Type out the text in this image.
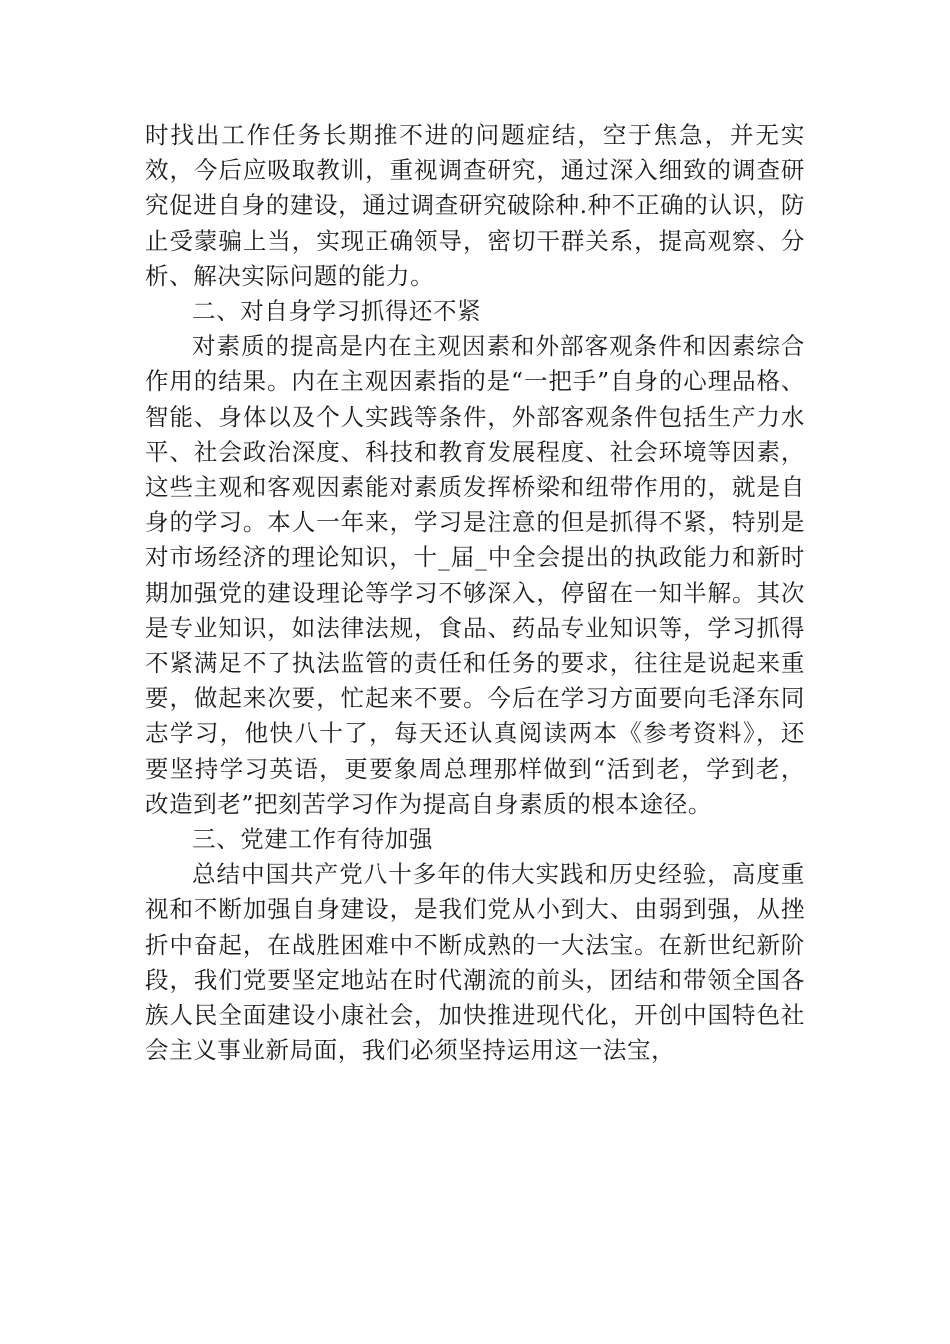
时找出工作任务长期推不进的问题症结，空于焦急，并无实效，今后应吸取教训，重视调查研究，通过深入细致的调查研究促进自身的建设，通过调查研究破除种.种不正确的认识，防止受蒙骗上当，实现正确领导，密切干群关系，提高观察、分析、解决实际问题的能力。

二、对自身学习抓得还不紧

对素质的提高是内在主观因素和外部客观条件和因素综合作用的结果。内在主观因素指的是“一把手”自身的心理品格、智能、身体以及个人实践等条件，外部客观条件包括生产力水平、社会政治深度、科技和教育发展程度、社会环境等因素，这些主观和客观因素能对素质发挥桥梁和纽带作用的，就是自身的学习。本人一年来，学习是注意的但是抓得不紧，特别是对市场经济的理论知识，十_届_中全会提出的执政能力和新时期加强党的建设理论等学习不够深入，停留在一知半解。其次是专业知识，如法律法规，食品、药品专业知识等，学习抓得不紧满足不了执法监管的责任和任务的要求，往往是说起来重要，做起来次要，忙起来不要。今后在学习方面要向毛泽东同志学习，他快八十了，每天还认真阅读两本《参考资料》，还要坚持学习英语，更要象周总理那样做到“活到老，学到老，改造到老”把刻苦学习作为提高自身素质的根本途径。

三、党建工作有待加强

总结中国共产党八十多年的伟大实践和历史经验，高度重视和不断加强自身建设，是我们党从小到大、由弱到强，从挫折中奋起，在战胜困难中不断成熟的一大法宝。在新世纪新阶段，我们党要坚定地站在时代潮流的前头，团结和带领全国各族人民全面建设小康社会，加快推进现代化，开创中国特色社会主义事业新局面，我们必须坚持运用这一法宝，
